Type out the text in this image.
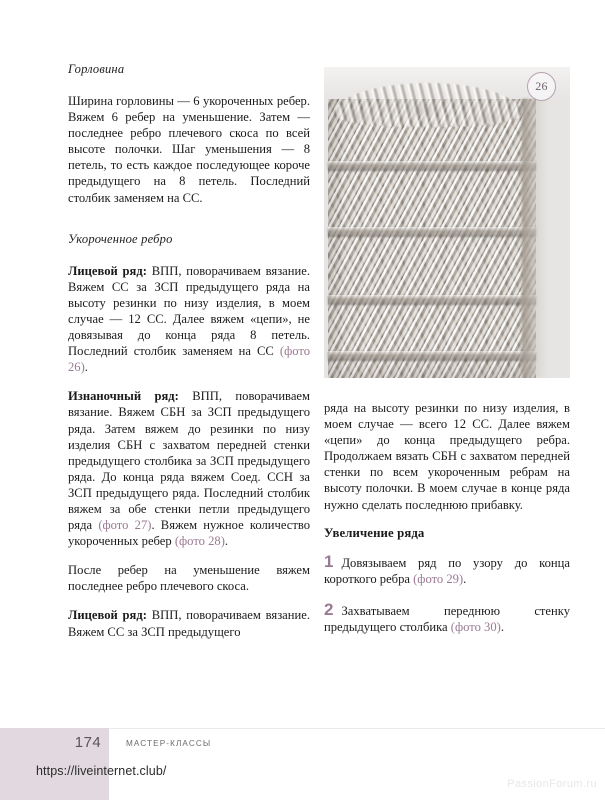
Горловина

Ширина горловины — 6 укороченных ребер. Вяжем 6 ребер на уменьшение. Затем — последнее ребро плечевого скоса по всей высоте полочки. Шаг уменьшения — 8 петель, то есть каждое последующее короче предыдущего на 8 петель. Последний столбик заменяем на СС.

Укороченное ребро

Лицевой ряд: ВПП, поворачиваем вязание. Вяжем СС за ЗСП предыдущего ряда на высоту резинки по низу изделия, в моем случае — 12 СС. Далее вяжем «цепи», не довязывая до конца ряда 8 петель. Последний столбик заменяем на СС (фото 26).

Изнаночный ряд: ВПП, поворачиваем вязание. Вяжем СБН за ЗСП предыдущего ряда. Затем вяжем до резинки по низу изделия СБН с захватом передней стенки предыдущего столбика за ЗСП предыдущего ряда. До конца ряда вяжем Соед. ССН за ЗСП предыдущего ряда. Последний столбик вяжем за обе стенки петли предыдущего ряда (фото 27). Вяжем нужное количество укороченных ребер (фото 28).

После ребер на уменьшение вяжем последнее ребро плечевого скоса.

Лицевой ряд: ВПП, поворачиваем вязание. Вяжем СС за ЗСП предыдущего

26

ряда на высоту резинки по низу изделия, в моем случае — всего 12 СС. Далее вяжем «цепи» до конца предыдущего ребра. Продолжаем вязать СБН с захватом передней стенки по всем укороченным ребрам на высоту полочки. В моем случае в конце ряда нужно сделать последнюю прибавку.

Увеличение ряда
1 Довязываем ряд по узору до конца короткого ребра (фото 29).
2 Захватываем переднюю стенку предыдущего столбика (фото 30).
174	МАСТЕР-КЛАССЫ
https://liveinternet.club/
PassionForum.ru
